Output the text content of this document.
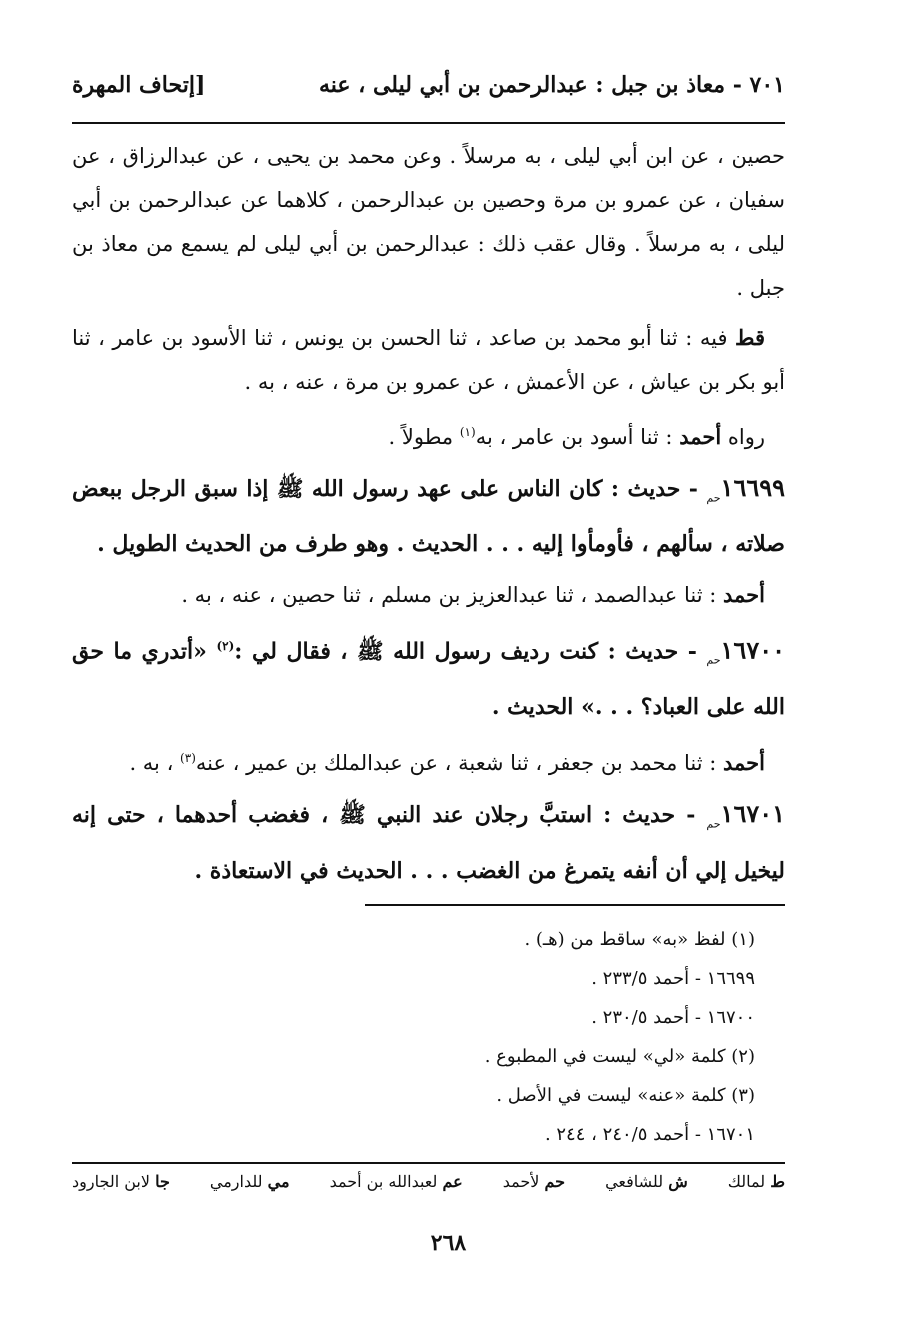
٧٠١ - معاذ بن جبل : عبدالرحمن بن أبي ليلى ، عنه
[إتحاف المهرة

حصين ، عن ابن أبي ليلى ، به مرسلاً . وعن محمد بن يحيى ، عن عبدالرزاق ، عن سفيان ، عن عمرو بن مرة وحصين بن عبدالرحمن ، كلاهما عن عبدالرحمن بن أبي ليلى ، به مرسلاً . وقال عقب ذلك : عبدالرحمن بن أبي ليلى لم يسمع من معاذ بن جبل .

قط فيه : ثنا أبو محمد بن صاعد ، ثنا الحسن بن يونس ، ثنا الأسود بن عامر ، ثنا أبو بكر بن عياش ، عن الأعمش ، عن عمرو بن مرة ، عنه ، به .

رواه أحمد : ثنا أسود بن عامر ، به$^{(١)}$ مطولاً .

$١٦٦٩٩_{حم}$ - حديث : كان الناس على عهد رسول الله ﷺ إذا سبق الرجل ببعض صلاته ، سألهم ، فأومأوا إليه . . . الحديث . وهو طرف من الحديث الطويل .

أحمد : ثنا عبدالصمد ، ثنا عبدالعزيز بن مسلم ، ثنا حصين ، عنه ، به .

$١٦٧٠٠_{حم}$ - حديث : كنت رديف رسول الله ﷺ ، فقال لي :$^{(٢)}$ «أتدري ما حق الله على العباد؟ . . .» الحديث .

أحمد : ثنا محمد بن جعفر ، ثنا شعبة ، عن عبدالملك بن عمير ، عنه$^{(٣)}$ ، به .

$١٦٧٠١_{حم}$ - حديث : استبَّ رجلان عند النبي ﷺ ، فغضب أحدهما ، حتى إنه ليخيل إلي أن أنفه يتمرغ من الغضب . . . الحديث في الاستعاذة .

(١) لفظ «به» ساقط من (هـ) .
١٦٦٩٩ - أحمد ٢٣٣/٥ .
١٦٧٠٠ - أحمد ٢٣٠/٥ .
(٢) كلمة «لي» ليست في المطبوع .
(٣) كلمة «عنه» ليست في الأصل .
١٦٧٠١ - أحمد ٢٤٠/٥ ، ٢٤٤ .
ط لمالك
ش للشافعي
حم لأحمد
عم لعبدالله بن أحمد
مي للدارمي
جا لابن الجارود
٢٦٨
